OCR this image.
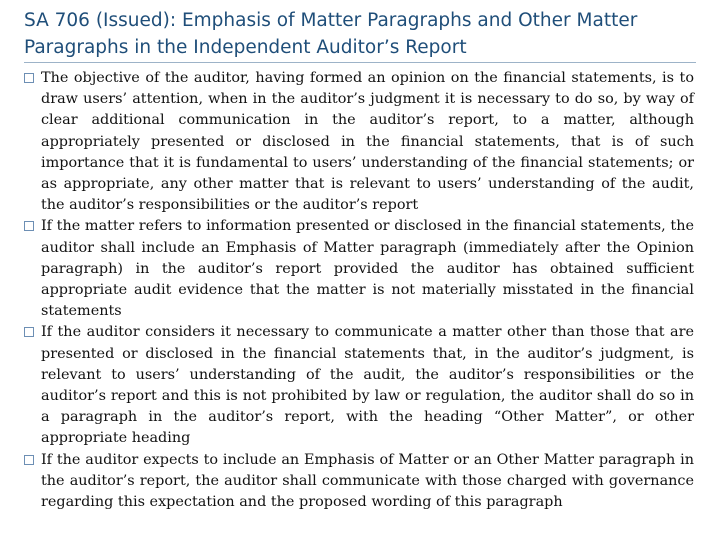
SA 706 (Issued): Emphasis of Matter Paragraphs and Other Matter
Paragraphs in the Independent Auditor’s Report
The objective of the auditor, having formed an opinion on the financial statements, is to draw users’ attention, when in the auditor’s judgment it is necessary to do so, by way of clear additional communication in the auditor’s report, to a matter, although appropriately presented or disclosed in the financial statements, that is of such importance that it is fundamental to users’ understanding of the financial statements; or as appropriate, any other matter that is relevant to users’ understanding of the audit, the auditor’s responsibilities or the auditor’s report
If the matter refers to information presented or disclosed in the financial statements, the auditor shall include an Emphasis of Matter paragraph (immediately after the Opinion paragraph) in the auditor’s report provided the auditor has obtained sufficient appropriate audit evidence that the matter is not materially misstated in the financial statements
If the auditor considers it necessary to communicate a matter other than those that are presented or disclosed in the financial statements that, in the auditor’s judgment, is relevant to users’ understanding of the audit, the auditor’s responsibilities or the auditor’s report and this is not prohibited by law or regulation, the auditor shall do so in a paragraph in the auditor’s report, with the heading “Other Matter”, or other appropriate heading
If the auditor expects to include an Emphasis of Matter or an Other Matter paragraph in the auditor’s report, the auditor shall communicate with those charged with governance regarding this expectation and the proposed wording of this paragraph
